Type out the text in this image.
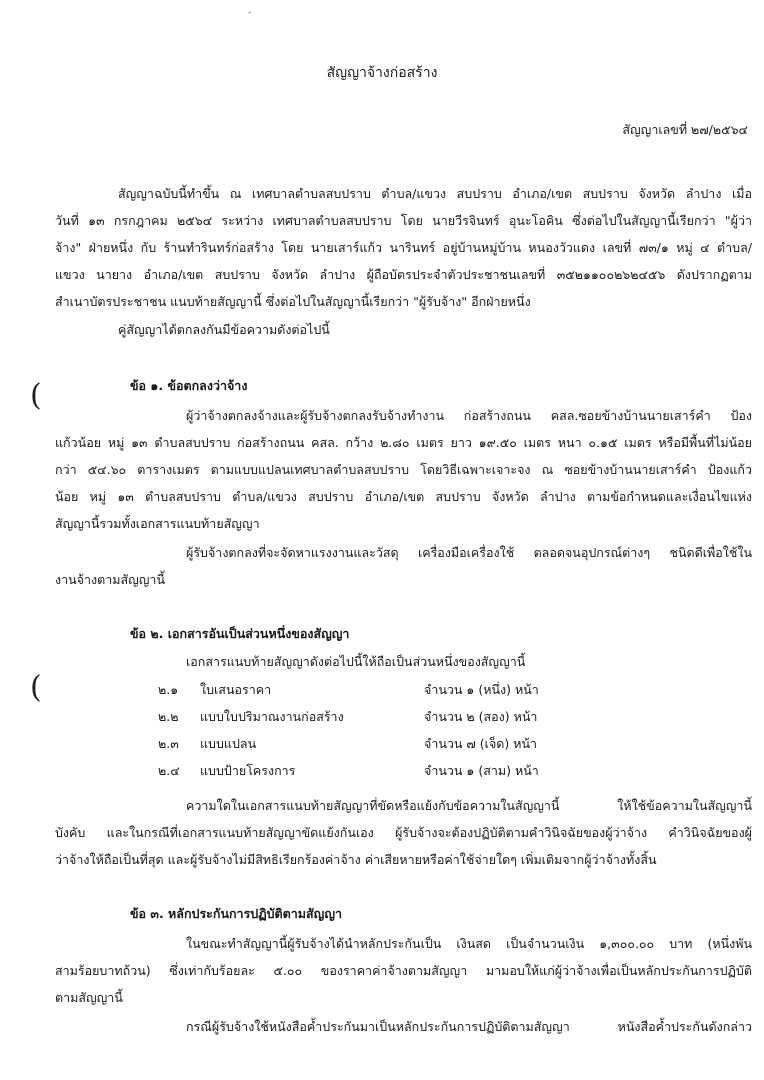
-
(
(
สัญญาจ้างก่อสร้าง
สัญญาเลขที่ ๒๗/๒๕๖๔
สัญญาฉบับนี้ทำขึ้น ณ เทศบาลตำบลสบปราบ ตำบล/แขวง สบปราบ อำเภอ/เขต สบปราบ จังหวัด ลำปาง เมื่อ
วันที่ ๑๓ กรกฎาคม ๒๕๖๔ ระหว่าง เทศบาลตำบลสบปราบ โดย นายวีรจินทร์ อุนะโอคิน ซึ่งต่อไปในสัญญานี้เรียกว่า "ผู้ว่า
จ้าง" ฝ่ายหนึ่ง กับ ร้านทำรินทร์ก่อสร้าง โดย นายเสาร์แก้ว นารินทร์ อยู่บ้านหมู่บ้าน หนองวัวแดง เลขที่ ๗๓/๑ หมู่ ๔ ตำบล/
แขวง นายาง อำเภอ/เขต สบปราบ จังหวัด ลำปาง ผู้ถือบัตรประจำตัวประชาชนเลขที่ ๓๕๒๑๑๐๐๒๖๒๔๕๖ ดังปรากฏตาม
สำเนาบัตรประชาชน แนบท้ายสัญญานี้ ซึ่งต่อไปในสัญญานี้เรียกว่า "ผู้รับจ้าง" อีกฝ่ายหนึ่ง
คู่สัญญาได้ตกลงกันมีข้อความดังต่อไปนี้
ข้อ ๑. ข้อตกลงว่าจ้าง
ผู้ว่าจ้างตกลงจ้างและผู้รับจ้างตกลงรับจ้างทำงาน ก่อสร้างถนน คสล.ซอยข้างบ้านนายเสาร์คำ ป้อง
แก้วน้อย หมู่ ๑๓ ตำบลสบปราบ ก่อสร้างถนน คสล. กว้าง ๒.๘๐ เมตร ยาว ๑๙.๕๐ เมตร หนา ๐.๑๕ เมตร หรือมีพื้นที่ไม่น้อย
กว่า ๕๔.๖๐ ตารางเมตร ตามแบบแปลนเทศบาลตำบลสบปราบ โดยวิธีเฉพาะเจาะจง ณ ซอยข้างบ้านนายเสาร์คำ ป้องแก้ว
น้อย หมู่ ๑๓ ตำบลสบปราบ ตำบล/แขวง สบปราบ อำเภอ/เขต สบปราบ จังหวัด ลำปาง ตามข้อกำหนดและเงื่อนไขแห่ง
สัญญานี้รวมทั้งเอกสารแนบท้ายสัญญา
ผู้รับจ้างตกลงที่จะจัดหาแรงงานและวัสดุ เครื่องมือเครื่องใช้ ตลอดจนอุปกรณ์ต่างๆ ชนิดดีเพื่อใช้ใน
งานจ้างตามสัญญานี้
ข้อ ๒. เอกสารอันเป็นส่วนหนึ่งของสัญญา
เอกสารแนบท้ายสัญญาดังต่อไปนี้ให้ถือเป็นส่วนหนึ่งของสัญญานี้
๒.๑ ใบเสนอราคา	จำนวน ๑ (หนึ่ง) หน้า
๒.๒ แบบใบปริมาณงานก่อสร้าง	จำนวน ๒ (สอง) หน้า
๒.๓ แบบแปลน	จำนวน ๗ (เจ็ด) หน้า
๒.๔ แบบป้ายโครงการ	จำนวน ๑ (สาม) หน้า
ความใดในเอกสารแนบท้ายสัญญาที่ขัดหรือแย้งกับข้อความในสัญญานี้ ให้ใช้ข้อความในสัญญานี้
บังคับ และในกรณีที่เอกสารแนบท้ายสัญญาขัดแย้งกันเอง ผู้รับจ้างจะต้องปฏิบัติตามคำวินิจฉัยของผู้ว่าจ้าง คำวินิจฉัยของผู้
ว่าจ้างให้ถือเป็นที่สุด และผู้รับจ้างไม่มีสิทธิเรียกร้องค่าจ้าง ค่าเสียหายหรือค่าใช้จ่ายใดๆ เพิ่มเติมจากผู้ว่าจ้างทั้งสิ้น
ข้อ ๓. หลักประกันการปฏิบัติตามสัญญา
ในขณะทำสัญญานี้ผู้รับจ้างได้นำหลักประกันเป็น เงินสด เป็นจำนวนเงิน ๑,๓๐๐.๐๐ บาท (หนึ่งพัน
สามร้อยบาทถ้วน) ซึ่งเท่ากับร้อยละ ๕.๐๐ ของราคาค่าจ้างตามสัญญา มามอบให้แก่ผู้ว่าจ้างเพื่อเป็นหลักประกันการปฏิบัติ
ตามสัญญานี้
กรณีผู้รับจ้างใช้หนังสือค้ำประกันมาเป็นหลักประกันการปฏิบัติตามสัญญา หนังสือค้ำประกันดังกล่าว
